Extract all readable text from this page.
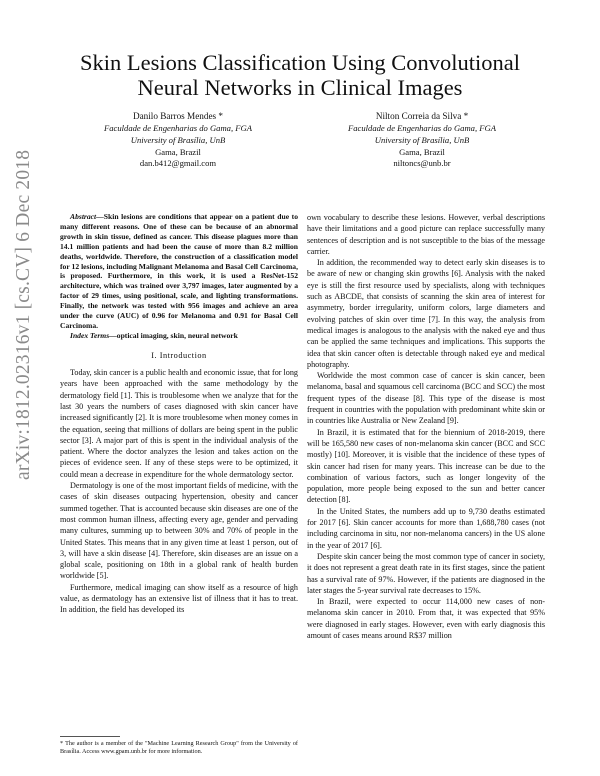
Skin Lesions Classification Using Convolutional Neural Networks in Clinical Images
Danilo Barros Mendes *
Faculdade de Engenharias do Gama, FGA
University of Brasília, UnB
Gama, Brazil
dan.b412@gmail.com
Nilton Correia da Silva *
Faculdade de Engenharias do Gama, FGA
University of Brasília, UnB
Gama, Brazil
niltoncs@unb.br
arXiv:1812.02316v1 [cs.CV] 6 Dec 2018	Abstract—Skin lesions are conditions that appear on a patient due to many different reasons. One of these can be because of an abnormal growth in skin tissue, defined as cancer. This disease plagues more than 14.1 million patients and had been the cause of more than 8.2 million deaths, worldwide. Therefore, the construction of a classification model for 12 lesions, including Malignant Melanoma and Basal Cell Carcinoma, is proposed. Furthermore, in this work, it is used a ResNet-152 architecture, which was trained over 3,797 images, later augmented by a factor of 29 times, using positional, scale, and lighting transformations. Finally, the network was tested with 956 images and achieve an area under the curve (AUC) of 0.96 for Melanoma and 0.91 for Basal Cell Carcinoma.

Index Terms—optical imaging, skin, neural network

I. Introduction

Today, skin cancer is a public health and economic issue, that for long years have been approached with the same methodology by the dermatology field [1]. This is troublesome when we analyze that for the last 30 years the numbers of cases diagnosed with skin cancer have increased significantly [2]. It is more troublesome when money comes in the equation, seeing that millions of dollars are being spent in the public sector [3]. A major part of this is spent in the individual analysis of the patient. Where the doctor analyzes the lesion and takes action on the pieces of evidence seen. If any of these steps were to be optimized, it could mean a decrease in expenditure for the whole dermatology sector.

Dermatology is one of the most important fields of medicine, with the cases of skin diseases outpacing hypertension, obesity and cancer summed together. That is accounted because skin diseases are one of the most common human illness, affecting every age, gender and pervading many cultures, summing up to between 30% and 70% of people in the United States. This means that in any given time at least 1 person, out of 3, will have a skin disease [4]. Therefore, skin diseases are an issue on a global scale, positioning on 18th in a global rank of health burden worldwide [5].

Furthermore, medical imaging can show itself as a resource of high value, as dermatology has an extensive list of illness that it has to treat. In addition, the field has developed its

* The author is a member of the "Machine Learning Research Group" from the University of Brasília. Access www.gpam.unb.br for more information.

own vocabulary to describe these lesions. However, verbal descriptions have their limitations and a good picture can replace successfully many sentences of description and is not susceptible to the bias of the message carrier.

In addition, the recommended way to detect early skin diseases is to be aware of new or changing skin growths [6]. Analysis with the naked eye is still the first resource used by specialists, along with techniques such as ABCDE, that consists of scanning the skin area of interest for asymmetry, border irregularity, uniform colors, large diameters and evolving patches of skin over time [7]. In this way, the analysis from medical images is analogous to the analysis with the naked eye and thus can be applied the same techniques and implications. This supports the idea that skin cancer often is detectable through naked eye and medical photography.

Worldwide the most common case of cancer is skin cancer, been melanoma, basal and squamous cell carcinoma (BCC and SCC) the most frequent types of the disease [8]. This type of the disease is most frequent in countries with the population with predominant white skin or in countries like Australia or New Zealand [9].

In Brazil, it is estimated that for the biennium of 2018-2019, there will be 165,580 new cases of non-melanoma skin cancer (BCC and SCC mostly) [10]. Moreover, it is visible that the incidence of these types of skin cancer had risen for many years. This increase can be due to the combination of various factors, such as longer longevity of the population, more people being exposed to the sun and better cancer detection [8].

In the United States, the numbers add up to 9,730 deaths estimated for 2017 [6]. Skin cancer accounts for more than 1,688,780 cases (not including carcinoma in situ, nor non-melanoma cancers) in the US alone in the year of 2017 [6].

Despite skin cancer being the most common type of cancer in society, it does not represent a great death rate in its first stages, since the patient has a survival rate of 97%. However, if the patients are diagnosed in the later stages the 5-year survival rate decreases to 15%.

In Brazil, were expected to occur 114,000 new cases of non-melanoma skin cancer in 2010. From that, it was expected that 95% were diagnosed in early stages. However, even with early diagnosis this amount of cases means around R$37 million
